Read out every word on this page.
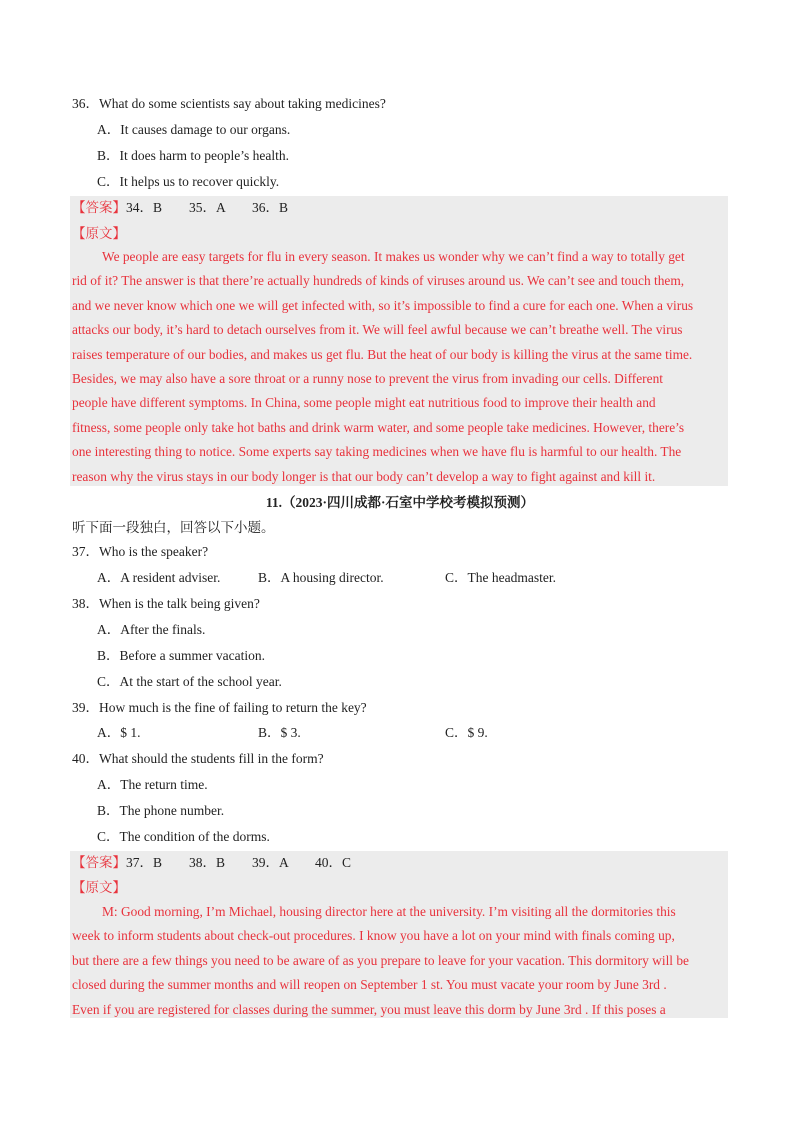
36．What do some scientists say about taking medicines?
A．It causes damage to our organs.
B．It does harm to people’s health.
C．It helps us to recover quickly.
【答案】34．B　　35．A　　36．B
【原文】
We people are easy targets for flu in every season. It makes us wonder why we can’t find a way to totally get
rid of it? The answer is that there’re actually hundreds of kinds of viruses around us. We can’t see and touch them,
and we never know which one we will get infected with, so it’s impossible to find a cure for each one. When a virus
attacks our body, it’s hard to detach ourselves from it. We will feel awful because we can’t breathe well. The virus
raises temperature of our bodies, and makes us get flu. But the heat of our body is killing the virus at the same time.
Besides, we may also have a sore throat or a runny nose to prevent the virus from invading our cells. Different
people have different symptoms. In China, some people might eat nutritious food to improve their health and
fitness, some people only take hot baths and drink warm water, and some people take medicines. However, there’s
one interesting thing to notice. Some experts say taking medicines when we have flu is harmful to our health. The
reason why the virus stays in our body longer is that our body can’t develop a way to fight against and kill it.
11.（2023·四川成都·石室中学校考模拟预测）
听下面一段独白，回答以下小题。
37．Who is the speaker?
A．A resident adviser.	B．A housing director.	C．The headmaster.
38．When is the talk being given?
A．After the finals.
B．Before a summer vacation.
C．At the start of the school year.
39．How much is the fine of failing to return the key?
A．$ 1.	B．$ 3.	C．$ 9.
40．What should the students fill in the form?
A．The return time.
B．The phone number.
C．The condition of the dorms.
【答案】37．B　　38．B　　39．A　　40．C
【原文】
M: Good morning, I’m Michael, housing director here at the university. I’m visiting all the dormitories this
week to inform students about check-out procedures. I know you have a lot on your mind with finals coming up,
but there are a few things you need to be aware of as you prepare to leave for your vacation. This dormitory will be
closed during the summer months and will reopen on September 1 st. You must vacate your room by June 3rd .
Even if you are registered for classes during the summer, you must leave this dorm by June 3rd . If this poses a
